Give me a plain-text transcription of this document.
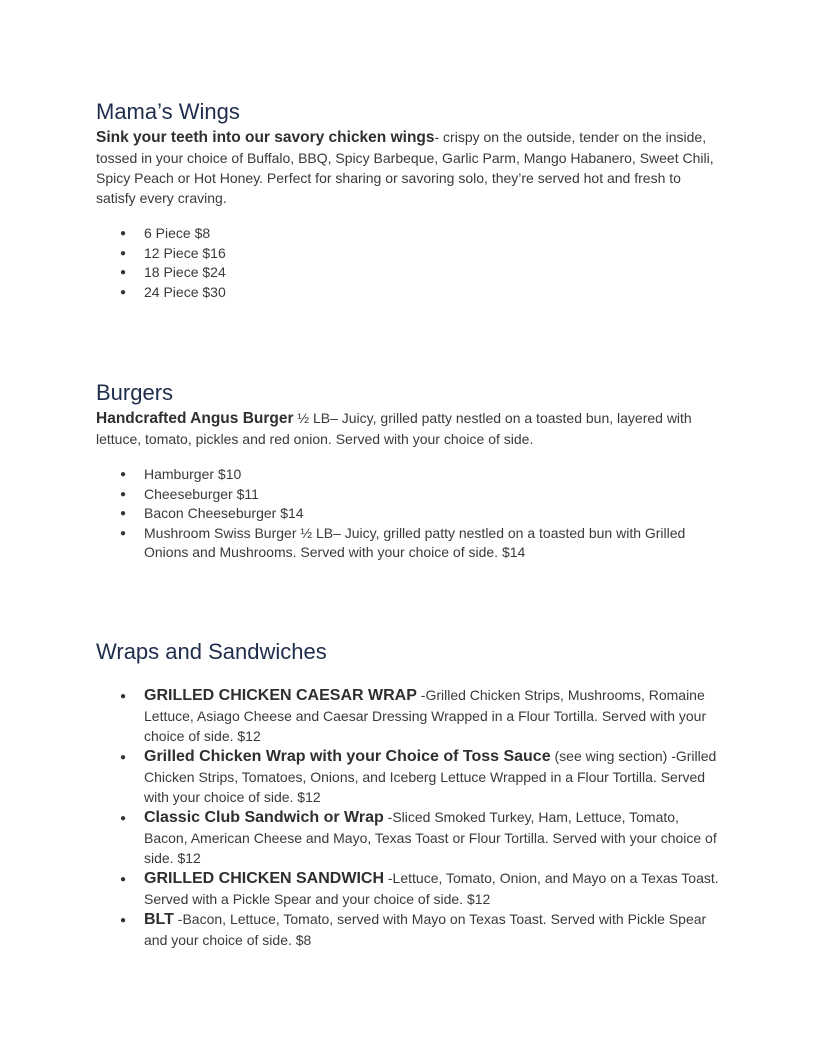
Mama’s Wings

Sink your teeth into our savory chicken wings- crispy on the outside, tender on the inside, tossed in your choice of Buffalo, BBQ, Spicy Barbeque, Garlic Parm, Mango Habanero, Sweet Chili, Spicy Peach or Hot Honey. Perfect for sharing or savoring solo, they’re served hot and fresh to satisfy every craving.

● 6 Piece $8
● 12 Piece $16
● 18 Piece $24
● 24 Piece $30
Burgers

Handcrafted Angus Burger ½ LB– Juicy, grilled patty nestled on a toasted bun, layered with lettuce, tomato, pickles and red onion. Served with your choice of side.

● Hamburger $10
● Cheeseburger $11
● Bacon Cheeseburger $14
● Mushroom Swiss Burger ½ LB– Juicy, grilled patty nestled on a toasted bun with Grilled Onions and Mushrooms. Served with your choice of side. $14
Wraps and Sandwiches
● GRILLED CHICKEN CAESAR WRAP -Grilled Chicken Strips, Mushrooms, Romaine Lettuce, Asiago Cheese and Caesar Dressing Wrapped in a Flour Tortilla. Served with your choice of side. $12
● Grilled Chicken Wrap with your Choice of Toss Sauce (see wing section) -Grilled Chicken Strips, Tomatoes, Onions, and Iceberg Lettuce Wrapped in a Flour Tortilla. Served with your choice of side. $12
● Classic Club Sandwich or Wrap -Sliced Smoked Turkey, Ham, Lettuce, Tomato, Bacon, American Cheese and Mayo, Texas Toast or Flour Tortilla. Served with your choice of side. $12
● GRILLED CHICKEN SANDWICH -Lettuce, Tomato, Onion, and Mayo on a Texas Toast. Served with a Pickle Spear and your choice of side. $12
● BLT -Bacon, Lettuce, Tomato, served with Mayo on Texas Toast. Served with Pickle Spear and your choice of side. $8
